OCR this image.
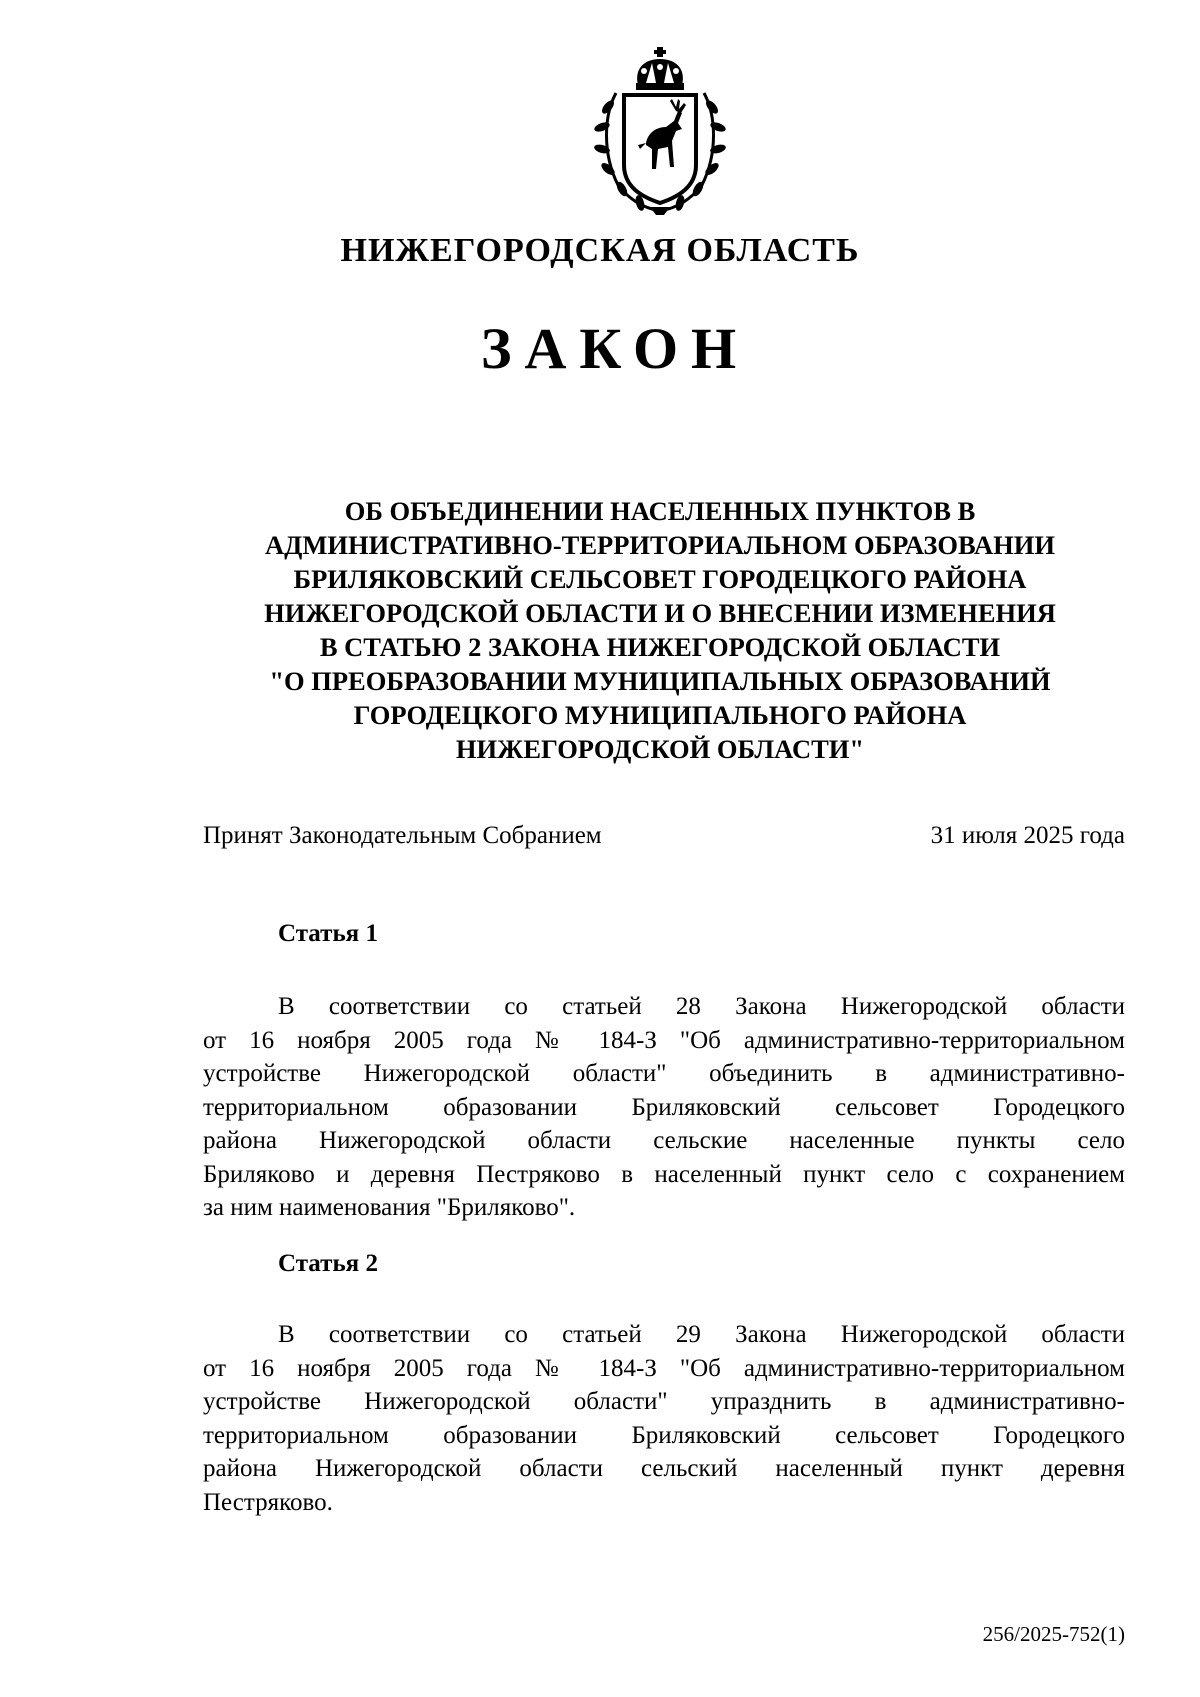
НИЖЕГОРОДСКАЯ ОБЛАСТЬ
ЗАКОН
ОБ ОБЪЕДИНЕНИИ НАСЕЛЕННЫХ ПУНКТОВ В
АДМИНИСТРАТИВНО-ТЕРРИТОРИАЛЬНОМ ОБРАЗОВАНИИ
БРИЛЯКОВСКИЙ СЕЛЬСОВЕТ ГОРОДЕЦКОГО РАЙОНА
НИЖЕГОРОДСКОЙ ОБЛАСТИ И О ВНЕСЕНИИ ИЗМЕНЕНИЯ
В СТАТЬЮ 2 ЗАКОНА НИЖЕГОРОДСКОЙ ОБЛАСТИ
"О ПРЕОБРАЗОВАНИИ МУНИЦИПАЛЬНЫХ ОБРАЗОВАНИЙ
ГОРОДЕЦКОГО МУНИЦИПАЛЬНОГО РАЙОНА
НИЖЕГОРОДСКОЙ ОБЛАСТИ"
Принят Законодательным Собранием	31 июля 2025 года
Статья 1
В соответствии со статьей 28 Закона Нижегородской области
от 16 ноября 2005 года № 184-З "Об административно-территориальном
устройстве Нижегородской области" объединить в административно-
территориальном образовании Бриляковский сельсовет Городецкого
района Нижегородской области сельские населенные пункты село
Бриляково и деревня Пестряково в населенный пункт село с сохранением
за ним наименования "Бриляково".
Статья 2
В соответствии со статьей 29 Закона Нижегородской области
от 16 ноября 2005 года № 184-З "Об административно-территориальном
устройстве Нижегородской области" упразднить в административно-
территориальном образовании Бриляковский сельсовет Городецкого
района Нижегородской области сельский населенный пункт деревня
Пестряково.
256/2025-752(1)
